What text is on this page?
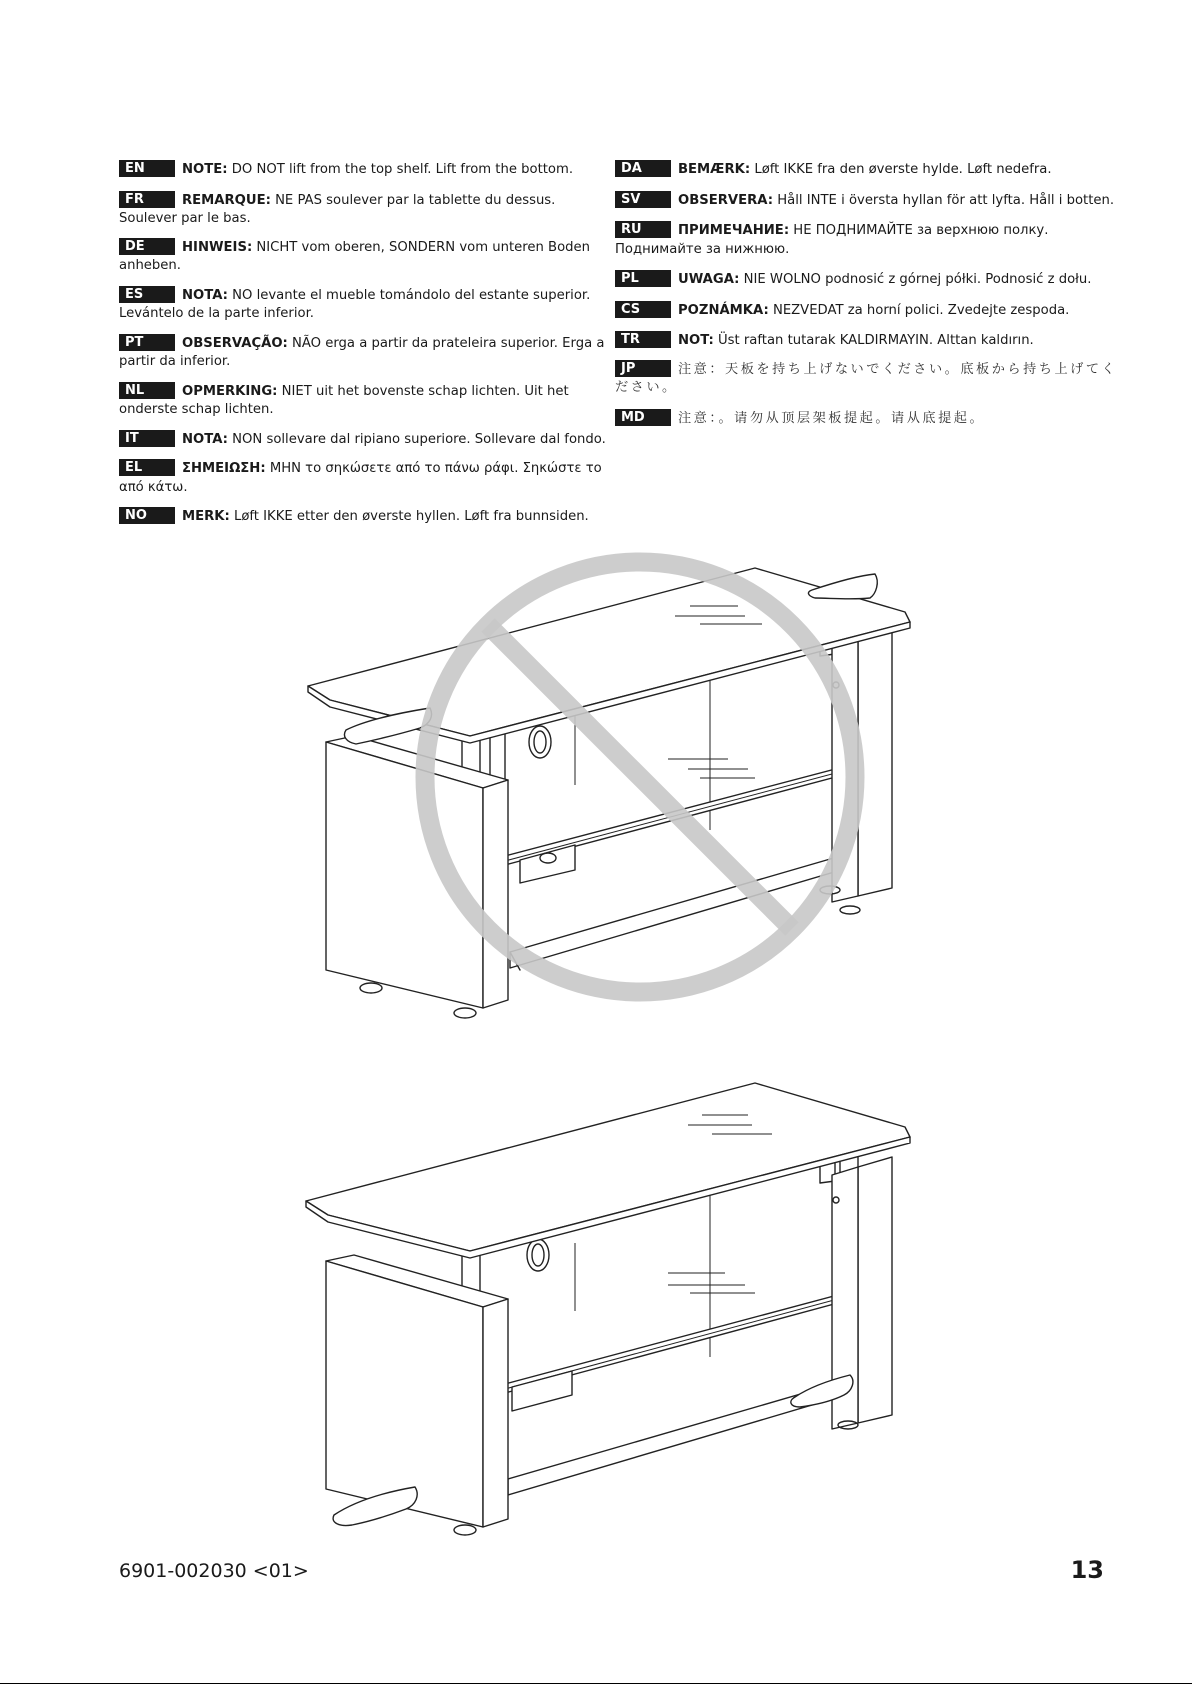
EN	NOTE: DO NOT lift from the top shelf. Lift from the bottom.

FR	REMARQUE: NE PAS soulever par la tablette du dessus. Soulever par le bas.

DE	HINWEIS: NICHT vom oberen, SONDERN vom unteren Boden anheben.

ES	NOTA: NO levante el mueble tomándolo del estante superior. Levántelo de la parte inferior.

PT	OBSERVAÇÃO: NÃO erga a partir da prateleira superior. Erga a partir da inferior.

NL	OPMERKING: NIET uit het bovenste schap lichten. Uit het onderste schap lichten.

IT	NOTA: NON sollevare dal ripiano superiore. Sollevare dal fondo.

EL	ΣΗΜΕΙΩΣΗ: ΜΗΝ το σηκώσετε από το πάνω ράφι. Σηκώστε το από κάτω.

NO	MERK: Løft IKKE etter den øverste hyllen. Løft fra bunnsiden.

DA	BEMÆRK: Løft IKKE fra den øverste hylde. Løft nedefra.

SV	OBSERVERA: Håll INTE i översta hyllan för att lyfta. Håll i botten.

RU	ПРИМЕЧАНИЕ: НЕ ПОДНИМАЙТЕ за верхнюю полку. Поднимайте за нижнюю.

PL	UWAGA: NIE WOLNO podnosić z górnej półki. Podnosić z dołu.

CS	POZNÁMKA: NEZVEDAT za horní polici. Zvedejte zespoda.

TR	NOT: Üst raftan tutarak KALDIRMAYIN. Alttan kaldırın.

JP	注意：天板を持ち上げないでください。底板から持ち上げてください。

MD	注意：。请勿从顶层架板提起。请从底提起。

6901-002030 <01>	13
